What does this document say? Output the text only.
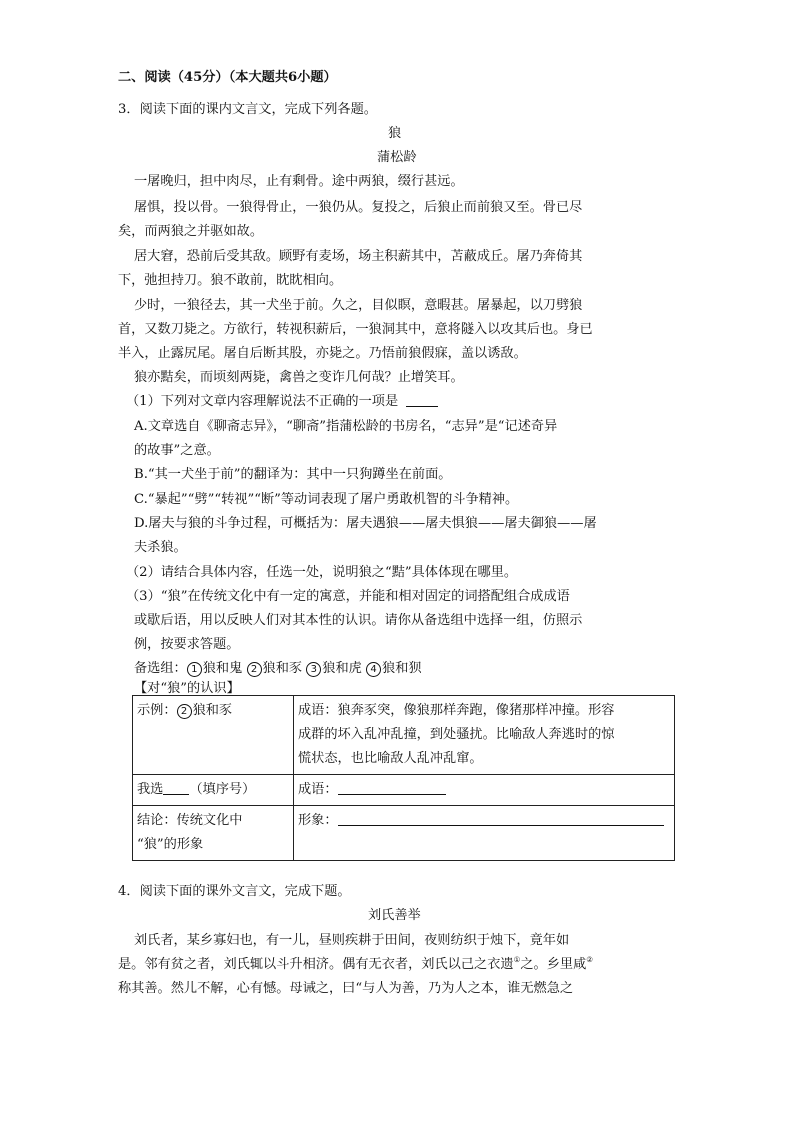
二、阅读（45分）（本大题共6小题）
3．阅读下面的课内文言文，完成下列各题。
狼
蒲松龄
一屠晚归，担中肉尽，止有剩骨。途中两狼，缀行甚远。
屠惧，投以骨。一狼得骨止，一狼仍从。复投之，后狼止而前狼又至。骨已尽
矣，而两狼之并驱如故。
居大窘，恐前后受其敌。顾野有麦场，场主积薪其中，苫蔽成丘。屠乃奔倚其
下，弛担持刀。狼不敢前，眈眈相向。
少时，一狼径去，其一犬坐于前。久之，目似瞑，意暇甚。屠暴起，以刀劈狼
首，又数刀毙之。方欲行，转视积薪后，一狼洞其中，意将隧入以攻其后也。身已
半入，止露尻尾。屠自后断其股，亦毙之。乃悟前狼假寐，盖以诱敌。
狼亦黠矣，而顷刻两毙，禽兽之变诈几何哉？止增笑耳。
（1）下列对文章内容理解说法不正确的一项是
A.文章选自《聊斋志异》，“聊斋”指蒲松龄的书房名，“志异”是“记述奇异
的故事”之意。
B.“其一犬坐于前”的翻译为：其中一只狗蹲坐在前面。
C.“暴起”“劈”“转视”“断”等动词表现了屠户勇敢机智的斗争精神。
D.屠夫与狼的斗争过程，可概括为：屠夫遇狼——屠夫惧狼——屠夫御狼——屠
夫杀狼。
（2）请结合具体内容，任选一处，说明狼之“黠”具体体现在哪里。
（3）“狼”在传统文化中有一定的寓意，并能和相对固定的词搭配组合成成语
或歇后语，用以反映人们对其本性的认识。请你从备选组中选择一组，仿照示
例，按要求答题。
备选组： 1 狼和鬼 2 狼和豕 3 狼和虎 4 狼和狈
【对“狼”的认识】
示例： 2 狼和豕	成语：狼奔豕突，像狼那样奔跑，像猪那样冲撞。形容
成群的坏入乱冲乱撞，到处骚扰。比喻敌人奔逃时的惊
慌状态，也比喻敌人乱冲乱窜。

我选 （填序号）	成语：

结论：传统文化中
“狼”的形象	形象：
4．阅读下面的课外文言文，完成下题。
刘氏善举
刘氏者，某乡寡妇也，有一儿，昼则疾耕于田间，夜则纺织于烛下，竟年如
是。邻有贫之者，刘氏辄以斗升相济。偶有无衣者，刘氏以己之衣遗①之。乡里咸②
称其善。然儿不解，心有憾。母诫之，曰“与人为善，乃为人之本，谁无燃急之
